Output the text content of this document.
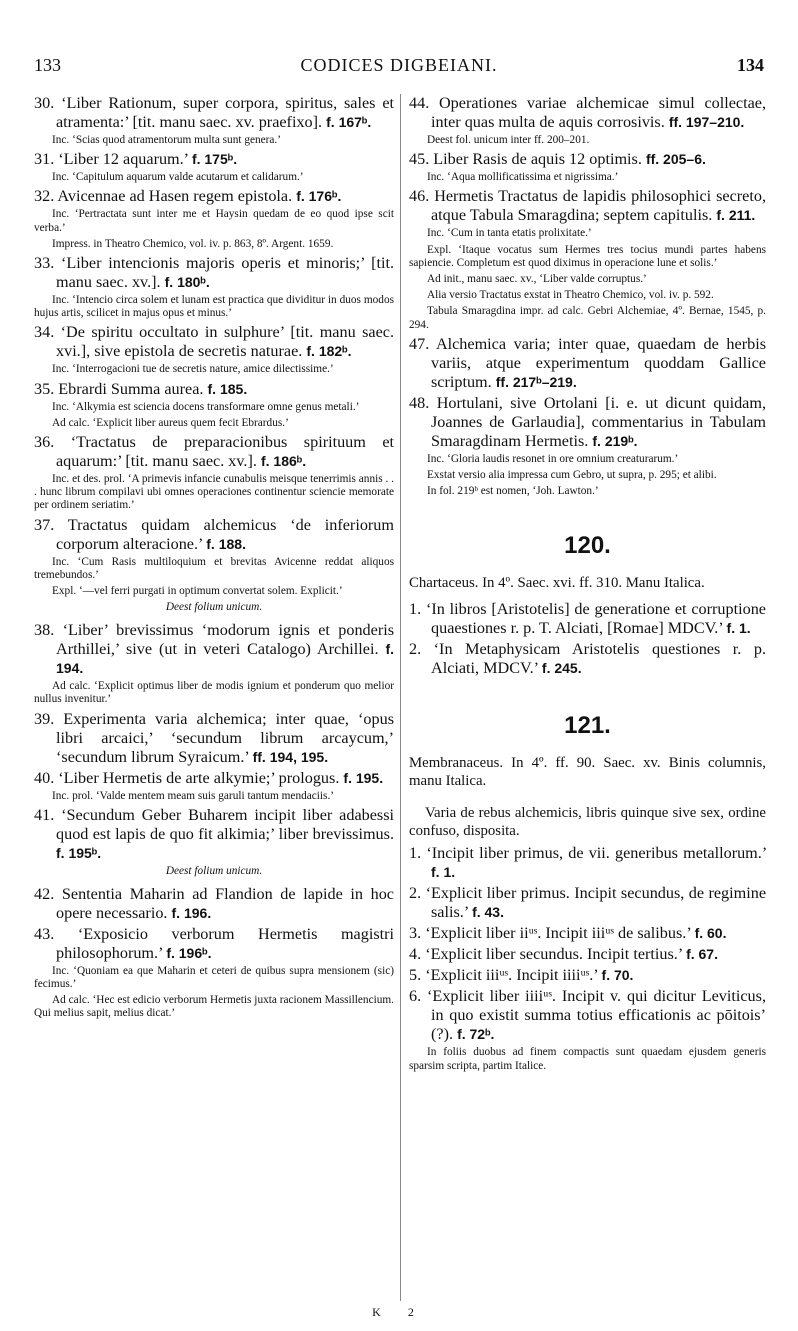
133	CODICES DIGBEIANI.	134

30. ‘Liber Rationum, super corpora, spiritus, sales et atramenta:’ [tit. manu saec. xv. praefixo]. f. 167ᵇ.

Inc. ‘Scias quod atramentorum multa sunt genera.’

31. ‘Liber 12 aquarum.’ f. 175ᵇ.

Inc. ‘Capitulum aquarum valde acutarum et calidarum.’

32. Avicennae ad Hasen regem epistola. f. 176ᵇ.

Inc. ‘Pertractata sunt inter me et Haysin quedam de eo quod ipse scit verba.’

Impress. in Theatro Chemico, vol. iv. p. 863, 8º. Argent. 1659.

33. ‘Liber intencionis majoris operis et minoris;’ [tit. manu saec. xv.]. f. 180ᵇ.

Inc. ‘Intencio circa solem et lunam est practica que dividitur in duos modos hujus artis, scilicet in majus opus et minus.’

34. ‘De spiritu occultato in sulphure’ [tit. manu saec. xvi.], sive epistola de secretis naturae. f. 182ᵇ.

Inc. ‘Interrogacioni tue de secretis nature, amice dilectissime.’

35. Ebrardi Summa aurea. f. 185.

Inc. ‘Alkymia est sciencia docens transformare omne genus metali.’

Ad calc. ‘Explicit liber aureus quem fecit Ebrardus.’

36. ‘Tractatus de preparacionibus spirituum et aquarum:’ [tit. manu saec. xv.]. f. 186ᵇ.

Inc. et des. prol. ‘A primevis infancie cunabulis meisque tenerrimis annis . . . hunc librum compilavi ubi omnes operaciones continentur sciencie memorate per ordinem seriatim.’

37. Tractatus quidam alchemicus ‘de inferiorum corporum alteracione.’ f. 188.

Inc. ‘Cum Rasis multiloquium et brevitas Avicenne reddat aliquos tremebundos.’

Expl. ‘—vel ferri purgati in optimum convertat solem. Explicit.’

Deest folium unicum.

38. ‘Liber’ brevissimus ‘modorum ignis et ponderis Arthillei,’ sive (ut in veteri Catalogo) Archillei. f. 194.

Ad calc. ‘Explicit optimus liber de modis ignium et ponderum quo melior nullus invenitur.’

39. Experimenta varia alchemica; inter quae, ‘opus libri arcaici,’ ‘secundum librum arcaycum,’ ‘secundum librum Syraicum.’ ff. 194, 195.

40. ‘Liber Hermetis de arte alkymie;’ prologus. f. 195.

Inc. prol. ‘Valde mentem meam suis garuli tantum mendaciis.’

41. ‘Secundum Geber Buharem incipit liber adabessi quod est lapis de quo fit alkimia;’ liber brevissimus. f. 195ᵇ.

Deest folium unicum.

42. Sententia Maharin ad Flandion de lapide in hoc opere necessario. f. 196.

43. ‘Exposicio verborum Hermetis magistri philosophorum.’ f. 196ᵇ.

Inc. ‘Quoniam ea que Maharin et ceteri de quibus supra mensionem (sic) fecimus.’

Ad calc. ‘Hec est edicio verborum Hermetis juxta racionem Massillencium. Qui melius sapit, melius dicat.’

44. Operationes variae alchemicae simul collectae, inter quas multa de aquis corrosivis. ff. 197–210.

Deest fol. unicum inter ff. 200–201.

45. Liber Rasis de aquis 12 optimis. ff. 205–6.

Inc. ‘Aqua mollificatissima et nigrissima.’

46. Hermetis Tractatus de lapidis philosophici secreto, atque Tabula Smaragdina; septem capitulis. f. 211.

Inc. ‘Cum in tanta etatis prolixitate.’

Expl. ‘Itaque vocatus sum Hermes tres tocius mundi partes habens sapiencie. Completum est quod diximus in operacione lune et solis.’

Ad init., manu saec. xv., ‘Liber valde corruptus.’

Alia versio Tractatus exstat in Theatro Chemico, vol. iv. p. 592.

Tabula Smaragdina impr. ad calc. Gebri Alchemiae, 4º. Bernae, 1545, p. 294.

47. Alchemica varia; inter quae, quaedam de herbis variis, atque experimentum quoddam Gallice scriptum. ff. 217ᵇ–219.

48. Hortulani, sive Ortolani [i. e. ut dicunt quidam, Joannes de Garlaudia], commentarius in Tabulam Smaragdinam Hermetis. f. 219ᵇ.

Inc. ‘Gloria laudis resonet in ore omnium creaturarum.’

Exstat versio alia impressa cum Gebro, ut supra, p. 295; et alibi.

In fol. 219ᵇ est nomen, ‘Joh. Lawton.’

120.

Chartaceus. In 4º. Saec. xvi. ff. 310. Manu Italica.

1. ‘In libros [Aristotelis] de generatione et corruptione quaestiones r. p. T. Alciati, [Romae] MDCV.’ f. 1.

2. ‘In Metaphysicam Aristotelis questiones r. p. Alciati, MDCV.’ f. 245.

121.

Membranaceus. In 4º. ff. 90. Saec. xv. Binis columnis, manu Italica.

Varia de rebus alchemicis, libris quinque sive sex, ordine confuso, disposita.

1. ‘Incipit liber primus, de vii. generibus metallorum.’ f. 1.

2. ‘Explicit liber primus. Incipit secundus, de regimine salis.’ f. 43.

3. ‘Explicit liber iiᵘˢ. Incipit iiiᵘˢ de salibus.’ f. 60.

4. ‘Explicit liber secundus. Incipit tertius.’ f. 67.

5. ‘Explicit iiiᵘˢ. Incipit iiiiᵘˢ.’ f. 70.

6. ‘Explicit liber iiiiᵘˢ. Incipit v. qui dicitur Leviticus, in quo existit summa totius efficationis ac pōitois’ (?). f. 72ᵇ.

In foliis duobus ad finem compactis sunt quaedam ejusdem generis sparsim scripta, partim Italice.

K 2
